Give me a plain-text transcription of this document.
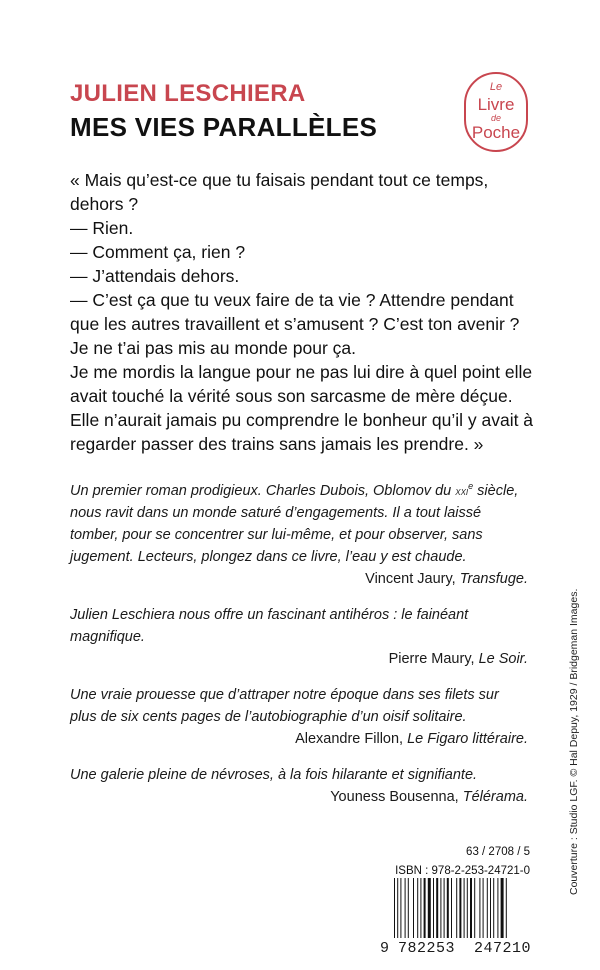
JULIEN LESCHIERA
MES VIES PARALLÈLES
Le
Livre
de
Poche

« Mais qu’est-ce que tu faisais pendant tout ce temps, dehors ?

— Rien.

— Comment ça, rien ?

— J’attendais dehors.

— C’est ça que tu veux faire de ta vie ? Attendre pendant que les autres travaillent et s’amusent ? C’est ton avenir ?

Je ne t’ai pas mis au monde pour ça.

Je me mordis la langue pour ne pas lui dire à quel point elle avait touché la vérité sous son sarcasme de mère déçue. Elle n’aurait jamais pu comprendre le bonheur qu’il y avait à regarder passer des trains sans jamais les prendre. »

Un premier roman prodigieux. Charles Dubois, Oblomov du xxi$^e$ siècle, nous ravit dans un monde saturé d’engagements. Il a tout laissé tomber, pour se concentrer sur lui-même, et pour observer, sans jugement. Lecteurs, plongez dans ce livre, l’eau y est chaude.
Vincent Jaury, Transfuge.
Julien Leschiera nous offre un fascinant antihéros : le fainéant magnifique.
Pierre Maury, Le Soir.
Une vraie prouesse que d’attraper notre époque dans ses filets sur plus de six cents pages de l’autobiographie d’un oisif solitaire.
Alexandre Fillon, Le Figaro littéraire.
Une galerie pleine de névroses, à la fois hilarante et signifiante.
Youness Bousenna, Télérama.	Couverture : Studio LGF. © Hal Depuy, 1929 / Bridgeman Images.
63 / 2708 / 5
ISBN : 978-2-253-24721-0
9 782253 247210
